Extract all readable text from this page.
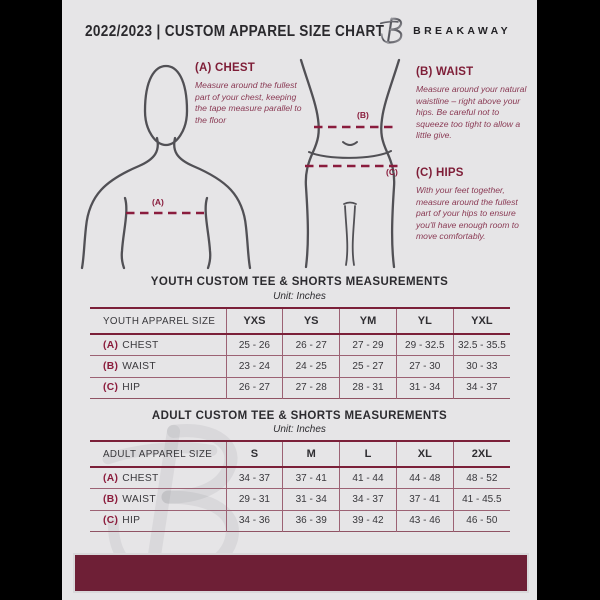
2022/2023 | CUSTOM APPAREL SIZE CHART	BREAKAWAY
(A)
(B)
(C)
(A) CHEST
Measure around the fullest part of your chest, keeping the tape measure parallel to the floor
(B) WAIST
Measure around your natural waistline – right above your hips. Be careful not to squeeze too tight to allow a little give.
(C) HIPS
With your feet together, measure around the fullest part of your hips to ensure you'll have enough room to move comfortably.
YOUTH CUSTOM TEE & SHORTS MEASUREMENTS
Unit: Inches
YOUTH APPAREL SIZE	YXS	YS	YM	YL	YXL
(A) CHEST	25 - 26	26 - 27	27 - 29	29 - 32.5	32.5 - 35.5
(B) WAIST	23 - 24	24 - 25	25 - 27	27 - 30	30 - 33
(C) HIP	26 - 27	27 - 28	28 - 31	31 - 34	34 - 37
ADULT CUSTOM TEE & SHORTS MEASUREMENTS
Unit: Inches
ADULT APPAREL SIZE	S	M	L	XL	2XL
(A) CHEST	34 - 37	37 - 41	41 - 44	44 - 48	48 - 52
(B) WAIST	29 - 31	31 - 34	34 - 37	37 - 41	41 - 45.5
(C) HIP	34 - 36	36 - 39	39 - 42	43 - 46	46 - 50
